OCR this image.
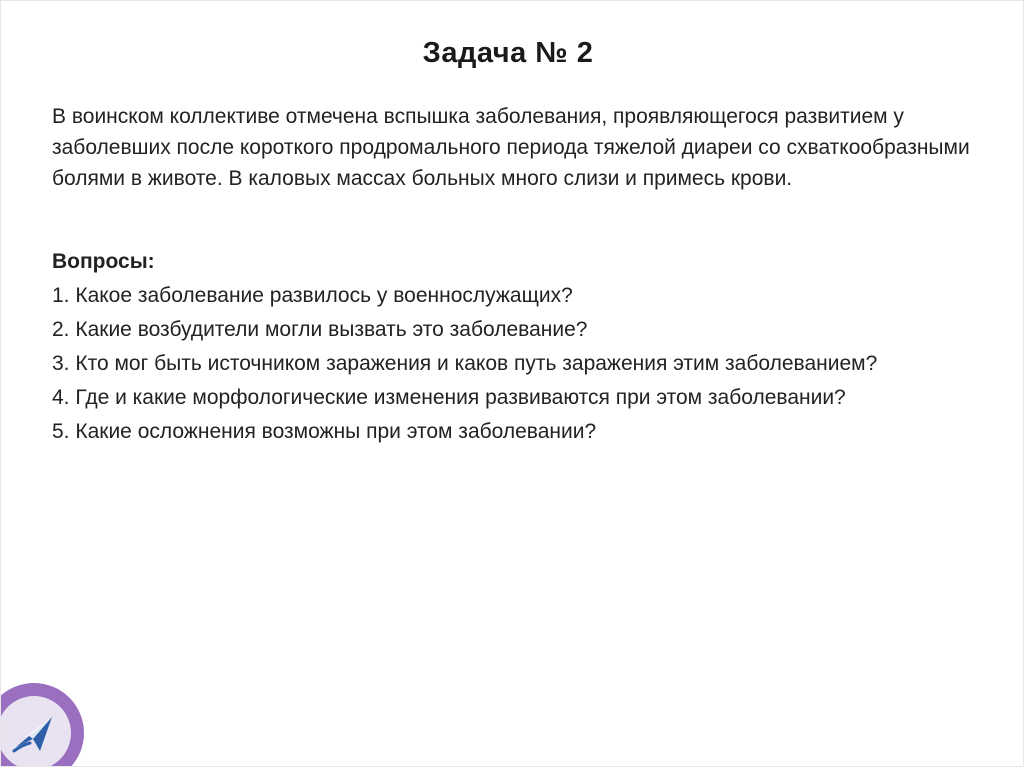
Задача № 2
В воинском коллективе отмечена вспышка заболевания, проявляющегося развитием у заболевших после короткого продромального периода тяжелой диареи со схваткообразными болями в животе. В каловых массах больных много слизи и примесь крови.
Вопросы:
1. Какое заболевание развилось у военнослужащих?
2. Какие возбудители могли вызвать это заболевание?
3. Кто мог быть источником заражения и каков путь заражения этим заболеванием?
4. Где и какие морфологические изменения развиваются при этом заболевании?
5. Какие осложнения возможны при этом заболевании?
